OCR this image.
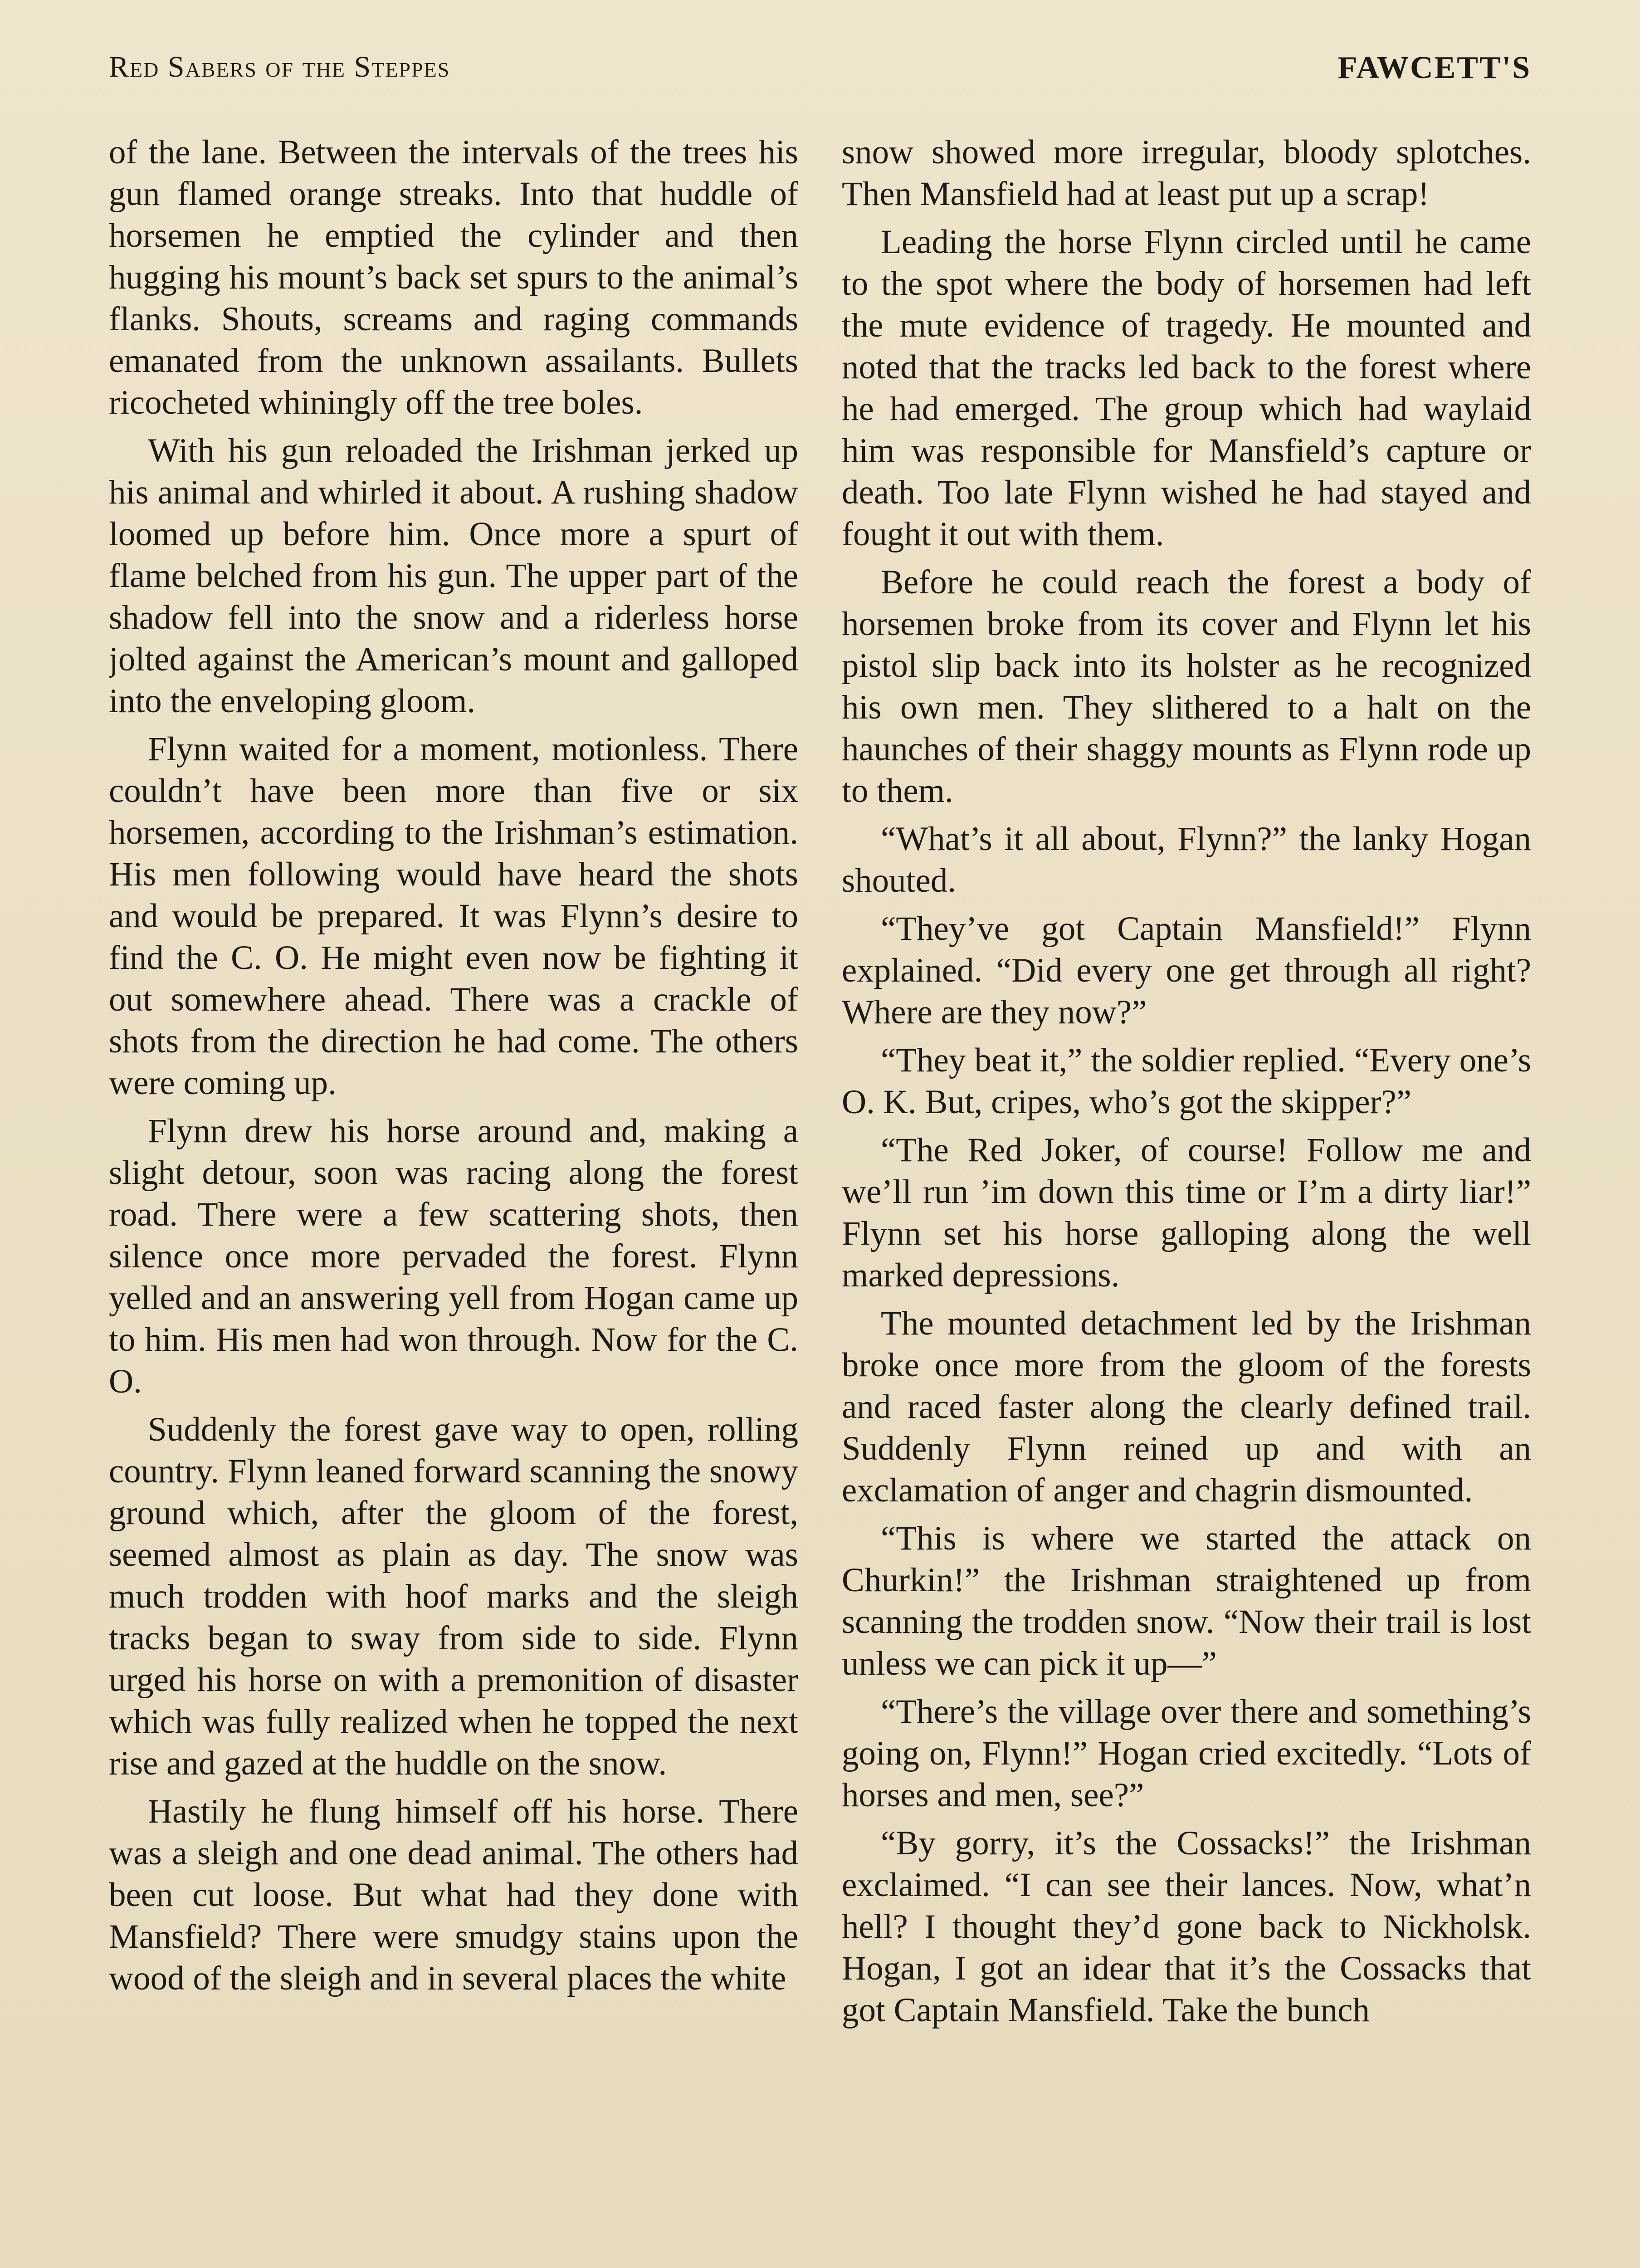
Red Sabers of the Steppes	FAWCETT'S

of the lane. Between the intervals of the trees his gun flamed orange streaks. Into that huddle of horsemen he emptied the cylinder and then hugging his mount’s back set spurs to the animal’s flanks. Shouts, screams and raging commands emanated from the unknown assailants. Bullets ricocheted whiningly off the tree boles.

With his gun reloaded the Irishman jerked up his animal and whirled it about. A rushing shadow loomed up before him. Once more a spurt of flame belched from his gun. The upper part of the shadow fell into the snow and a riderless horse jolted against the American’s mount and galloped into the enveloping gloom.

Flynn waited for a moment, motionless. There couldn’t have been more than five or six horsemen, according to the Irishman’s estimation. His men following would have heard the shots and would be prepared. It was Flynn’s desire to find the C. O. He might even now be fighting it out somewhere ahead. There was a crackle of shots from the direction he had come. The others were coming up.

Flynn drew his horse around and, making a slight detour, soon was racing along the forest road. There were a few scattering shots, then silence once more pervaded the forest. Flynn yelled and an answering yell from Hogan came up to him. His men had won through. Now for the C. O.

Suddenly the forest gave way to open, rolling country. Flynn leaned forward scanning the snowy ground which, after the gloom of the forest, seemed almost as plain as day. The snow was much trodden with hoof marks and the sleigh tracks began to sway from side to side. Flynn urged his horse on with a premonition of disaster which was fully realized when he topped the next rise and gazed at the huddle on the snow.

Hastily he flung himself off his horse. There was a sleigh and one dead animal. The others had been cut loose. But what had they done with Mansfield? There were smudgy stains upon the wood of the sleigh and in several places the white

snow showed more irregular, bloody splotches. Then Mansfield had at least put up a scrap!

Leading the horse Flynn circled until he came to the spot where the body of horsemen had left the mute evidence of tragedy. He mounted and noted that the tracks led back to the forest where he had emerged. The group which had waylaid him was responsible for Mansfield’s capture or death. Too late Flynn wished he had stayed and fought it out with them.

Before he could reach the forest a body of horsemen broke from its cover and Flynn let his pistol slip back into its holster as he recognized his own men. They slithered to a halt on the haunches of their shaggy mounts as Flynn rode up to them.

“What’s it all about, Flynn?” the lanky Hogan shouted.

“They’ve got Captain Mansfield!” Flynn explained. “Did every one get through all right? Where are they now?”

“They beat it,” the soldier replied. “Every one’s O. K. But, cripes, who’s got the skipper?”

“The Red Joker, of course! Follow me and we’ll run ’im down this time or I’m a dirty liar!” Flynn set his horse galloping along the well marked depressions.

The mounted detachment led by the Irishman broke once more from the gloom of the forests and raced faster along the clearly defined trail. Suddenly Flynn reined up and with an exclamation of anger and chagrin dismounted.

“This is where we started the attack on Churkin!” the Irishman straightened up from scanning the trodden snow. “Now their trail is lost unless we can pick it up—”

“There’s the village over there and something’s going on, Flynn!” Hogan cried excitedly. “Lots of horses and men, see?”

“By gorry, it’s the Cossacks!” the Irishman exclaimed. “I can see their lances. Now, what’n hell? I thought they’d gone back to Nickholsk. Hogan, I got an idear that it’s the Cossacks that got Captain Mansfield. Take the bunch
